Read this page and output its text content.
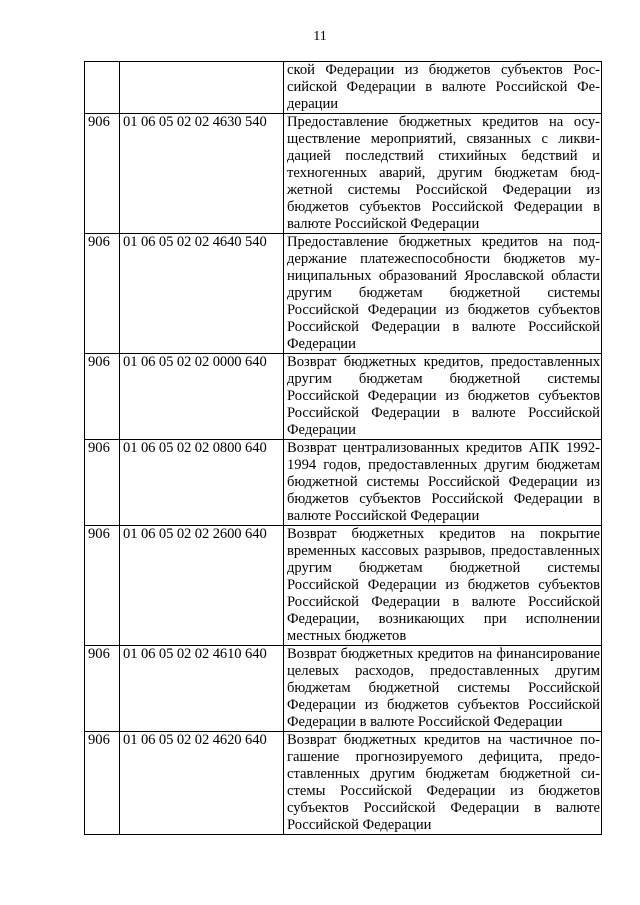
11
		ской Федерации из бюджетов субъектов Российской Федерации в валюте Российской Федерации
906	01 06 05 02 02 4630 540	Предоставление бюджетных кредитов на осуществление мероприятий, связанных с ликвидацией последствий стихийных бедствий и техногенных аварий, другим бюджетам бюджетной системы Российской Федерации из бюджетов субъектов Российской Федерации в валюте Российской Федерации
906	01 06 05 02 02 4640 540	Предоставление бюджетных кредитов на поддержание платежеспособности бюджетов муниципальных образований Ярославской области другим бюджетам бюджетной системы Российской Федерации из бюджетов субъектов Российской Федерации в валюте Российской Федерации
906	01 06 05 02 02 0000 640	Возврат бюджетных кредитов, предоставленных другим бюджетам бюджетной системы Российской Федерации из бюджетов субъектов Российской Федерации в валюте Российской Федерации
906	01 06 05 02 02 0800 640	Возврат централизованных кредитов АПК 1992-1994 годов, предоставленных другим бюджетам бюджетной системы Российской Федерации из бюджетов субъектов Российской Федерации в валюте Российской Федерации
906	01 06 05 02 02 2600 640	Возврат бюджетных кредитов на покрытие временных кассовых разрывов, предоставленных другим бюджетам бюджетной системы Российской Федерации из бюджетов субъектов Российской Федерации в валюте Российской Федерации, возникающих при исполнении местных бюджетов
906	01 06 05 02 02 4610 640	Возврат бюджетных кредитов на финансирование целевых расходов, предоставленных другим бюджетам бюджетной системы Российской Федерации из бюджетов субъектов Российской Федерации в валюте Российской Федерации
906	01 06 05 02 02 4620 640	Возврат бюджетных кредитов на частичное погашение прогнозируемого дефицита, предоставленных другим бюджетам бюджетной системы Российской Федерации из бюджетов субъектов Российской Федерации в валюте Российской Федерации
